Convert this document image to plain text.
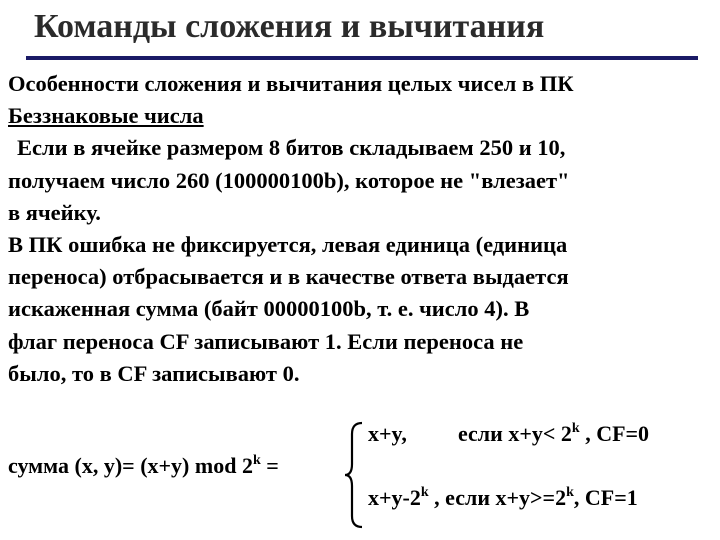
Команды сложения и вычитания
Особенности сложения и вычитания целых чисел в ПК
Беззнаковые числа
Если в ячейке размером 8 битов складываем 250 и 10,
получаем число 260 (100000100b), которое не "влезает"
в ячейку.
В ПК ошибка не фиксируется, левая единица (единица
переноса) отбрасывается и в качестве ответа выдается
искаженная сумма (байт 00000100b, т. е. число 4). В
флаг переноса CF записывают 1. Если переноса не
было, то в CF записывают 0.
сумма (x, y)= (x+y) mod $2^k$ =
x+y, если $x+y< 2^k$ , CF=0
$x+y-2^k$ , если $x+y>=2^k$, CF=1
